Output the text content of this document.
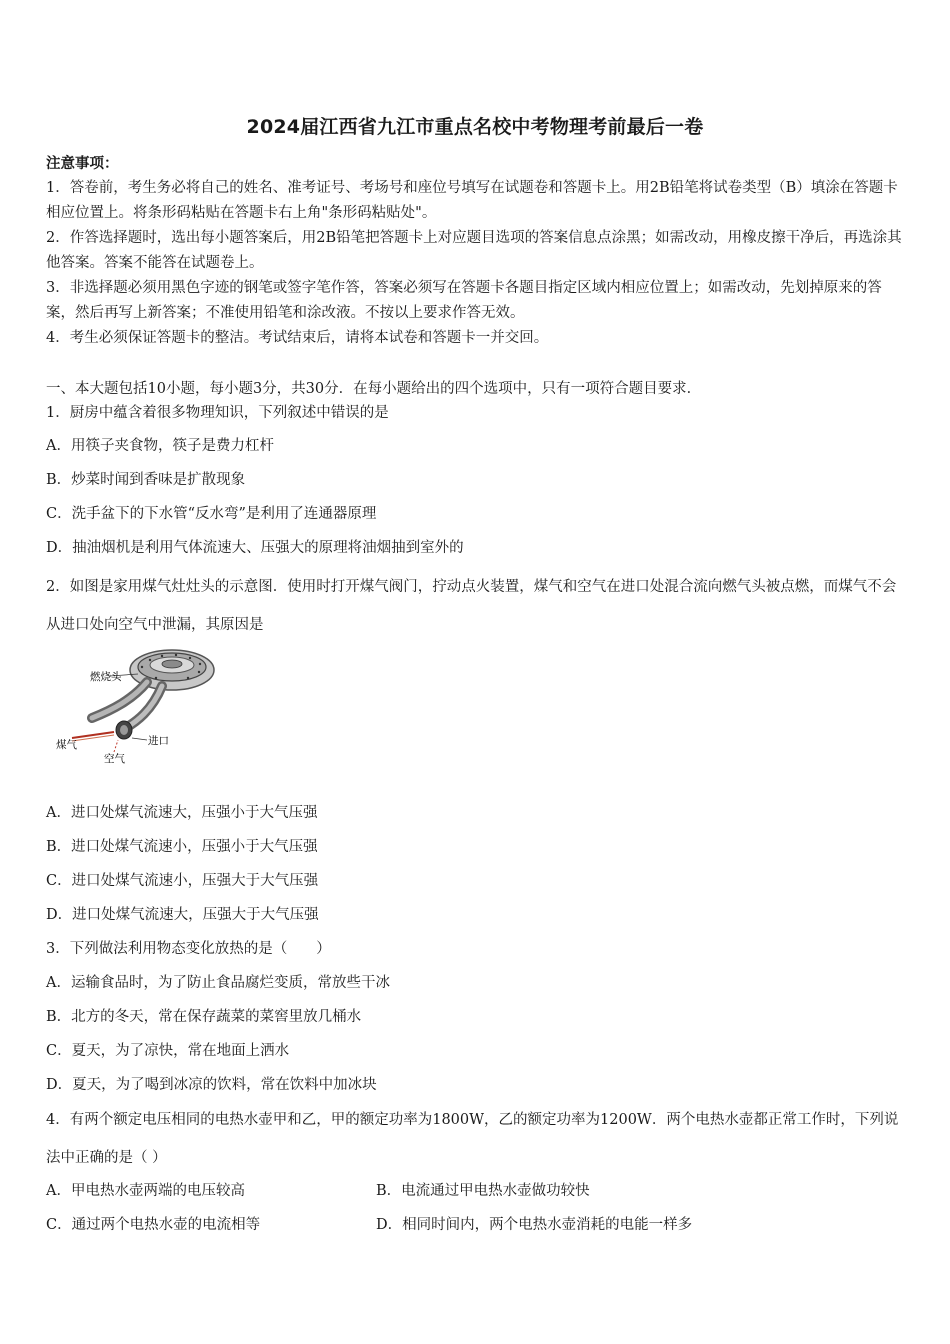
2024届江西省九江市重点名校中考物理考前最后一卷
注意事项：
1．答卷前，考生务必将自己的姓名、准考证号、考场号和座位号填写在试题卷和答题卡上。用2B铅笔将试卷类型（B）填涂在答题卡相应位置上。将条形码粘贴在答题卡右上角"条形码粘贴处"。
2．作答选择题时，选出每小题答案后，用2B铅笔把答题卡上对应题目选项的答案信息点涂黑；如需改动，用橡皮擦干净后，再选涂其他答案。答案不能答在试题卷上。
3．非选择题必须用黑色字迹的钢笔或签字笔作答，答案必须写在答题卡各题目指定区域内相应位置上；如需改动，先划掉原来的答案，然后再写上新答案；不准使用铅笔和涂改液。不按以上要求作答无效。
4．考生必须保证答题卡的整洁。考试结束后，请将本试卷和答题卡一并交回。
一、本大题包括10小题，每小题3分，共30分．在每小题给出的四个选项中，只有一项符合题目要求．
1．厨房中蕴含着很多物理知识，下列叙述中错误的是
A．用筷子夹食物，筷子是费力杠杆
B．炒菜时闻到香味是扩散现象
C．洗手盆下的下水管“反水弯”是利用了连通器原理
D．抽油烟机是利用气体流速大、压强大的原理将油烟抽到室外的
2．如图是家用煤气灶灶头的示意图．使用时打开煤气阀门，拧动点火装置，煤气和空气在进口处混合流向燃气头被点燃，而煤气不会从进口处向空气中泄漏，其原因是
燃烧头
煤气
空气
进口
A．进口处煤气流速大，压强小于大气压强
B．进口处煤气流速小，压强小于大气压强
C．进口处煤气流速小，压强大于大气压强
D．进口处煤气流速大，压强大于大气压强
3．下列做法利用物态变化放热的是（　　）
A．运输食品时，为了防止食品腐烂变质，常放些干冰
B．北方的冬天，常在保存蔬菜的菜窖里放几桶水
C．夏天，为了凉快，常在地面上洒水
D．夏天，为了喝到冰凉的饮料，常在饮料中加冰块
4．有两个额定电压相同的电热水壶甲和乙，甲的额定功率为1800W，乙的额定功率为1200W．两个电热水壶都正常工作时，下列说法中正确的是（ ）
A．甲电热水壶两端的电压较高	B．电流通过甲电热水壶做功较快
C．通过两个电热水壶的电流相等	D．相同时间内，两个电热水壶消耗的电能一样多
